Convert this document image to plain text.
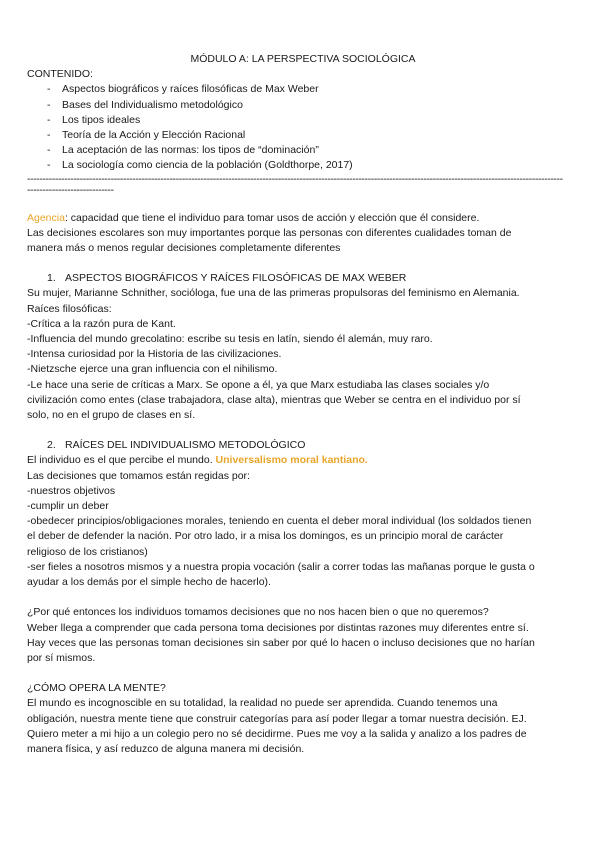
MÓDULO A: LA PERSPECTIVA SOCIOLÓGICA
CONTENIDO:
- Aspectos biográficos y raíces filosóficas de Max Weber
- Bases del Individualismo metodológico
- Los tipos ideales
- Teoría de la Acción y Elección Racional
- La aceptación de las normas: los tipos de “dominación”
- La sociología como ciencia de la población (Goldthorpe, 2017)
-----------------------------------------------------------------------------------------------------------------------------------------------------------------------------
----------------------------
Agencia: capacidad que tiene el individuo para tomar usos de acción y elección que él considere.
Las decisiones escolares son muy importantes porque las personas con diferentes cualidades toman de
manera más o menos regular decisiones completamente diferentes
1. ASPECTOS BIOGRÁFICOS Y RAÍCES FILOSÓFICAS DE MAX WEBER
Su mujer, Marianne Schnither, socióloga, fue una de las primeras propulsoras del feminismo en Alemania.
Raíces filosóficas:
-Crítica a la razón pura de Kant.
-Influencia del mundo grecolatino: escribe su tesis en latín, siendo él alemán, muy raro.
-Intensa curiosidad por la Historia de las civilizaciones.
-Nietzsche ejerce una gran influencia con el nihilismo.
-Le hace una serie de críticas a Marx. Se opone a él, ya que Marx estudiaba las clases sociales y/o
civilización como entes (clase trabajadora, clase alta), mientras que Weber se centra en el individuo por sí
solo, no en el grupo de clases en sí.
2. RAÍCES DEL INDIVIDUALISMO METODOLÓGICO
El individuo es el que percibe el mundo. Universalismo moral kantiano.
Las decisiones que tomamos están regidas por:
-nuestros objetivos
-cumplir un deber
-obedecer principios/obligaciones morales, teniendo en cuenta el deber moral individual (los soldados tienen
el deber de defender la nación. Por otro lado, ir a misa los domingos, es un principio moral de carácter
religioso de los cristianos)
-ser fieles a nosotros mismos y a nuestra propia vocación (salir a correr todas las mañanas porque le gusta o
ayudar a los demás por el simple hecho de hacerlo).
¿Por qué entonces los individuos tomamos decisiones que no nos hacen bien o que no queremos?
Weber llega a comprender que cada persona toma decisiones por distintas razones muy diferentes entre sí.
Hay veces que las personas toman decisiones sin saber por qué lo hacen o incluso decisiones que no harían
por sí mismos.
¿CÓMO OPERA LA MENTE?
El mundo es incognoscible en su totalidad, la realidad no puede ser aprendida. Cuando tenemos una
obligación, nuestra mente tiene que construir categorías para así poder llegar a tomar nuestra decisión. EJ.
Quiero meter a mi hijo a un colegio pero no sé decidirme. Pues me voy a la salida y analizo a los padres de
manera física, y así reduzco de alguna manera mi decisión.
